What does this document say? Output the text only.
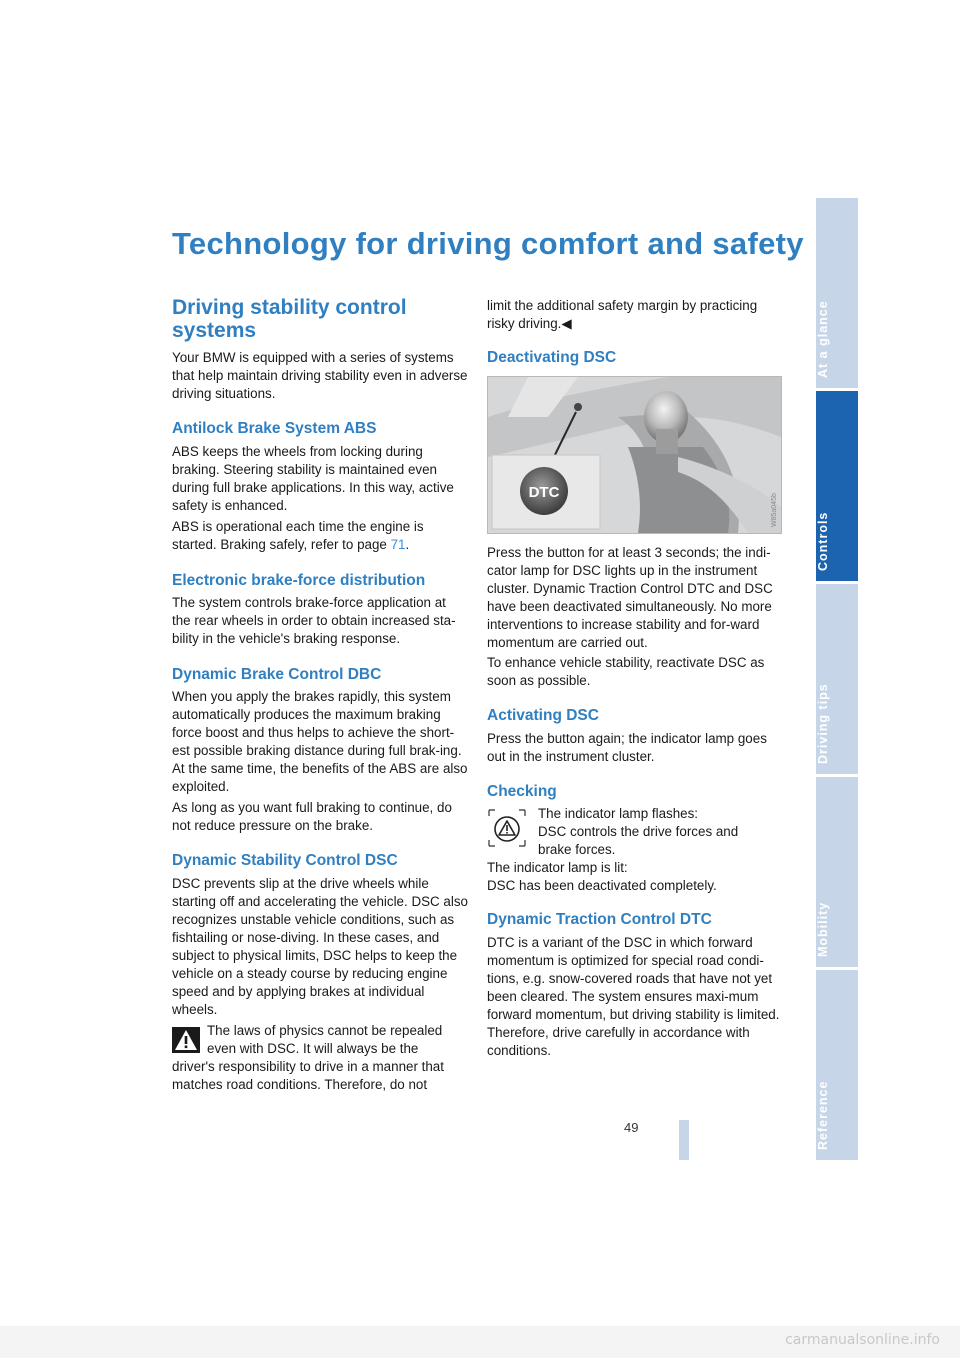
Technology for driving comfort and safety
Driving stability control systems
Your BMW is equipped with a series of systems that help maintain driving stability even in adverse driving situations.
Antilock Brake System ABS
ABS keeps the wheels from locking during braking. Steering stability is maintained even during full brake applications. In this way, active safety is enhanced.
ABS is operational each time the engine is started. Braking safely, refer to page 71.
Electronic brake-force distribution
The system controls brake-force application at the rear wheels in order to obtain increased sta-bility in the vehicle's braking response.
Dynamic Brake Control DBC
When you apply the brakes rapidly, this system automatically produces the maximum braking force boost and thus helps to achieve the short-est possible braking distance during full brak-ing. At the same time, the benefits of the ABS are also exploited.
As long as you want full braking to continue, do not reduce pressure on the brake.
Dynamic Stability Control DSC
DSC prevents slip at the drive wheels while starting off and accelerating the vehicle. DSC also recognizes unstable vehicle conditions, such as fishtailing or nose-diving. In these cases, and subject to physical limits, DSC helps to keep the vehicle on a steady course by reducing engine speed and by applying brakes at individual wheels.
The laws of physics cannot be repealed
even with DSC. It will always be the
driver's responsibility to drive in a manner that matches road conditions. Therefore, do not
limit the additional safety margin by practicing risky driving.◀
Deactivating DSC
DTC
W85a045b
Press the button for at least 3 seconds; the indi-cator lamp for DSC lights up in the instrument cluster. Dynamic Traction Control DTC and DSC have been deactivated simultaneously. No more interventions to increase stability and for-ward momentum are carried out.
To enhance vehicle stability, reactivate DSC as soon as possible.
Activating DSC
Press the button again; the indicator lamp goes out in the instrument cluster.
Checking
The indicator lamp flashes:
DSC controls the drive forces and
brake forces.
The indicator lamp is lit:
DSC has been deactivated completely.
Dynamic Traction Control DTC
DTC is a variant of the DSC in which forward momentum is optimized for special road condi-tions, e.g. snow-covered roads that have not yet been cleared. The system ensures maxi-mum forward momentum, but driving stability is limited. Therefore, drive carefully in accordance with conditions.
At a glance
Controls
Driving tips
Mobility
Reference
49
carmanualsonline.info
